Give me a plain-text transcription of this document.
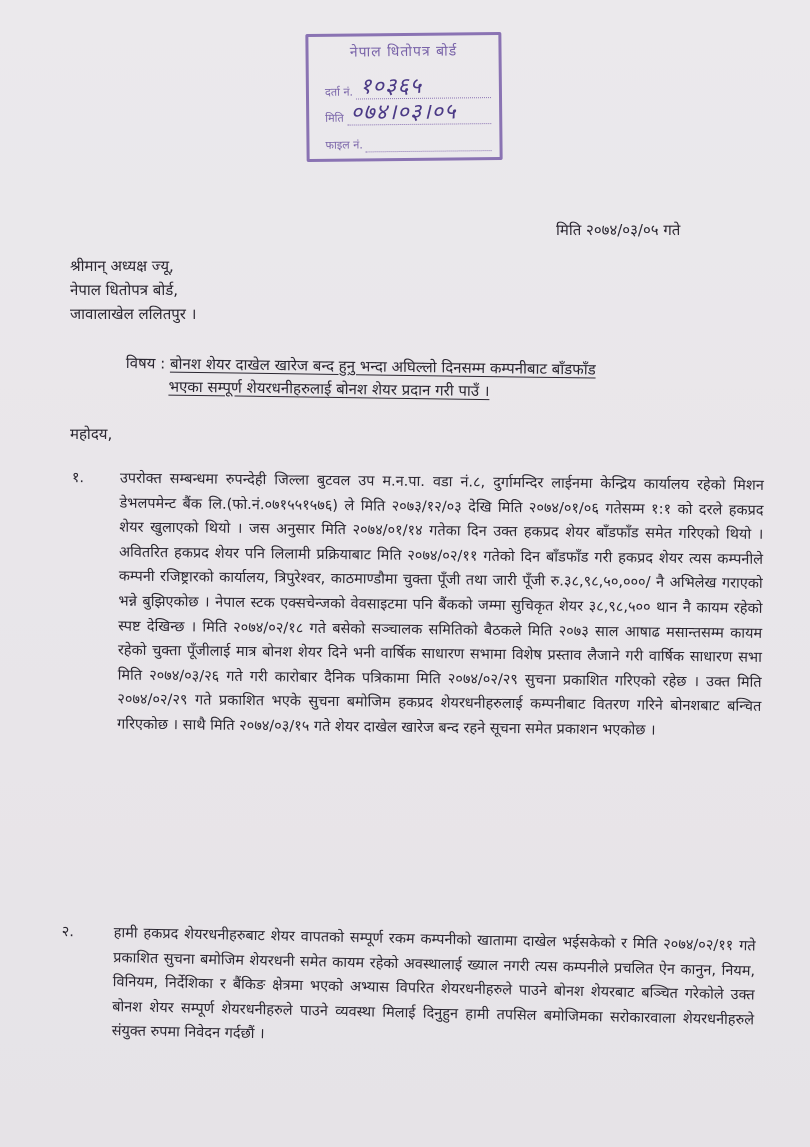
नेपाल धितोपत्र बोर्ड
दर्ता नं. १०३६५
मिति ०७४।०३।०५
फाइल नं.
मिति २०७४/०३/०५ गते
श्रीमान् अध्यक्ष ज्यू,
नेपाल धितोपत्र बोर्ड,
जावालाखेल ललितपुर ।
विषय : बोनश शेयर दाखेल खारेज बन्द हुनु भन्दा अघिल्लो दिनसम्म कम्पनीबाट बाँडफाँड
भएका सम्पूर्ण शेयरधनीहरुलाई बोनश शेयर प्रदान गरी पाउँ ।
महोदय,
१. उपरोक्त सम्बन्धमा रुपन्देही जिल्ला बुटवल उप म.न.पा. वडा नं.८, दुर्गामन्दिर लाईनमा केन्द्रिय कार्यालय रहेको मिशन डेभलपमेन्ट बैंक लि.(फो.नं.०७१५५१५७६) ले मिति २०७३/१२/०३ देखि मिति २०७४/०१/०६ गतेसम्म १:१ को दरले हकप्रद शेयर खुलाएको थियो । जस अनुसार मिति २०७४/०१/१४ गतेका दिन उक्त हकप्रद शेयर बाँडफाँड समेत गरिएको थियो । अवितरित हकप्रद शेयर पनि लिलामी प्रक्रियाबाट मिति २०७४/०२/११ गतेको दिन बाँडफाँड गरी हकप्रद शेयर त्यस कम्पनीले कम्पनी रजिष्ट्रारको कार्यालय, त्रिपुरेश्वर, काठमाण्डौमा चुक्ता पूँजी तथा जारी पूँजी रु.३८,९८,५०,०००/ नै अभिलेख गराएको भन्ने बुझिएकोछ । नेपाल स्टक एक्सचेन्जको वेवसाइटमा पनि बैंकको जम्मा सुचिकृत शेयर ३८,९८,५०० थान नै कायम रहेको स्पष्ट देखिन्छ । मिति २०७४/०२/१८ गते बसेको सञ्चालक समितिको बैठकले मिति २०७३ साल आषाढ मसान्तसम्म कायम रहेको चुक्ता पूँजीलाई मात्र बोनश शेयर दिने भनी वार्षिक साधारण सभामा विशेष प्रस्ताव लैजाने गरी वार्षिक साधारण सभा मिति २०७४/०३/२६ गते गरी कारोबार दैनिक पत्रिकामा मिति २०७४/०२/२९ सुचना प्रकाशित गरिएको रहेछ । उक्त मिति २०७४/०२/२९ गते प्रकाशित भएके सुचना बमोजिम हकप्रद शेयरधनीहरुलाई कम्पनीबाट वितरण गरिने बोनशबाट बन्चित गरिएकोछ । साथै मिति २०७४/०३/१५ गते शेयर दाखेल खारेज बन्द रहने सूचना समेत प्रकाशन भएकोछ ।
२.	हामी हकप्रद शेयरधनीहरुबाट शेयर वापतको सम्पूर्ण रकम कम्पनीको खातामा दाखेल भईसकेको र मिति २०७४/०२/११ गते प्रकाशित सुचना बमोजिम शेयरधनी समेत कायम रहेको अवस्थालाई ख्याल नगरी त्यस कम्पनीले प्रचलित ऐन कानुन, नियम, विनियम, निर्देशिका र बैंकिङ क्षेत्रमा भएको अभ्यास विपरित शेयरधनीहरुले पाउने बोनश शेयरबाट बञ्चित गरेकोले उक्त बोनश शेयर सम्पूर्ण शेयरधनीहरुले पाउने व्यवस्था मिलाई दिनुहुन हामी तपसिल बमोजिमका सरोकारवाला शेयरधनीहरुले संयुक्त रुपमा निवेदन गर्दछौं ।
